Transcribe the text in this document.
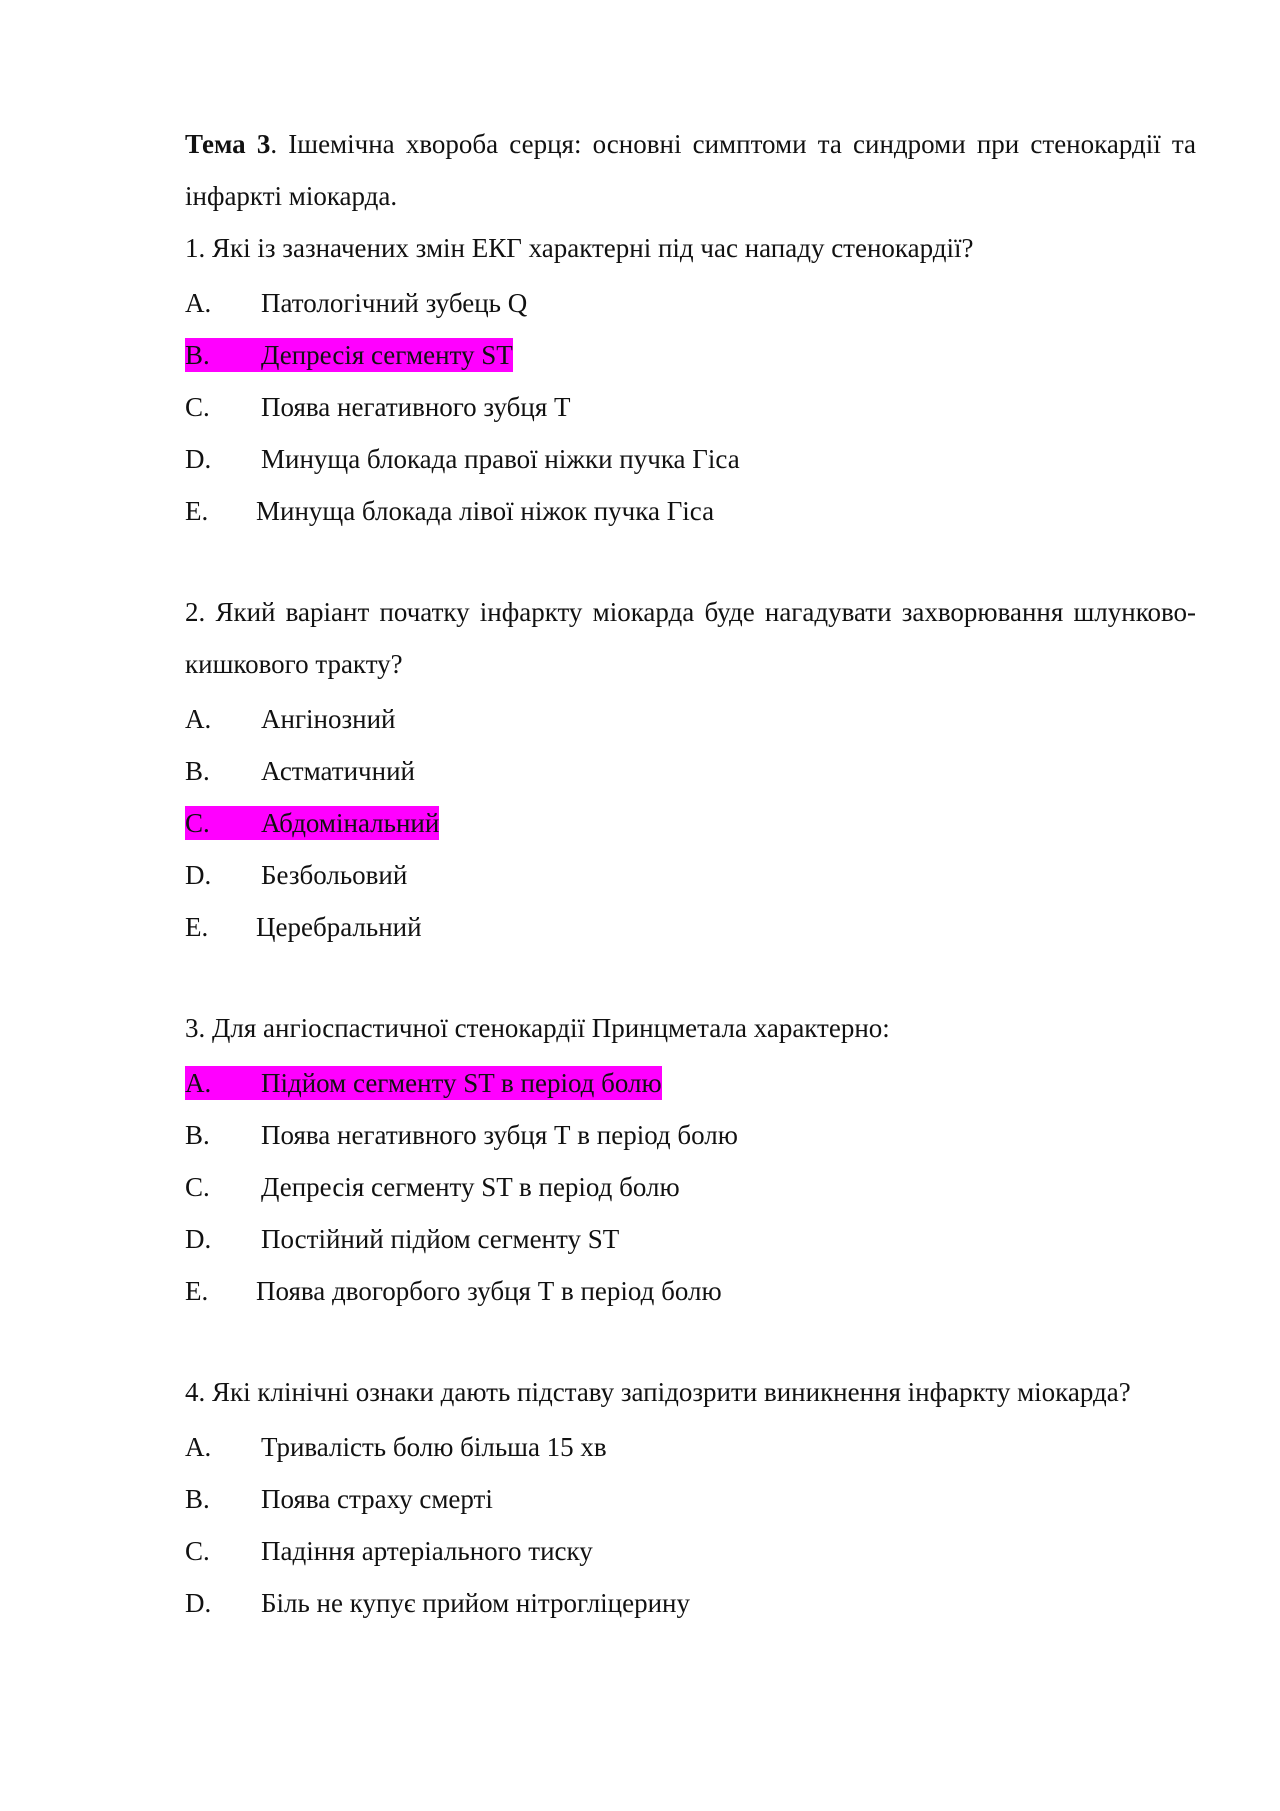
Тема 3. Ішемічна хвороба серця: основні симптоми та синдроми при стенокардії та інфаркті міокарда.

1. Які із зазначених змін ЕКГ характерні під час нападу стенокардії?

A. Патологічний зубець Q
B. Депресія сегменту ST
C. Поява негативного зубця Т
D. Минуща блокада правої ніжки пучка Гіса
E. Минуща блокада лівої ніжок пучка Гіса

2. Який варіант початку інфаркту міокарда буде нагадувати захворювання шлунково-кишкового тракту?

A. Ангінозний
B. Астматичний
C. Абдомінальний
D. Безбольовий
E. Церебральний

3. Для ангіоспастичної стенокардії Принцметала характерно:

A. Підйом сегменту ST в період болю
B. Поява негативного зубця Т в період болю
C. Депресія сегменту ST в період болю
D. Постійний підйом сегменту ST
E. Поява двогорбого зубця Т в період болю

4. Які клінічні ознаки дають підставу запідозрити виникнення інфаркту міокарда?

A. Тривалість болю більша 15 хв
B. Поява страху смерті
C. Падіння артеріального тиску
D. Біль не купує прийом нітрогліцерину
